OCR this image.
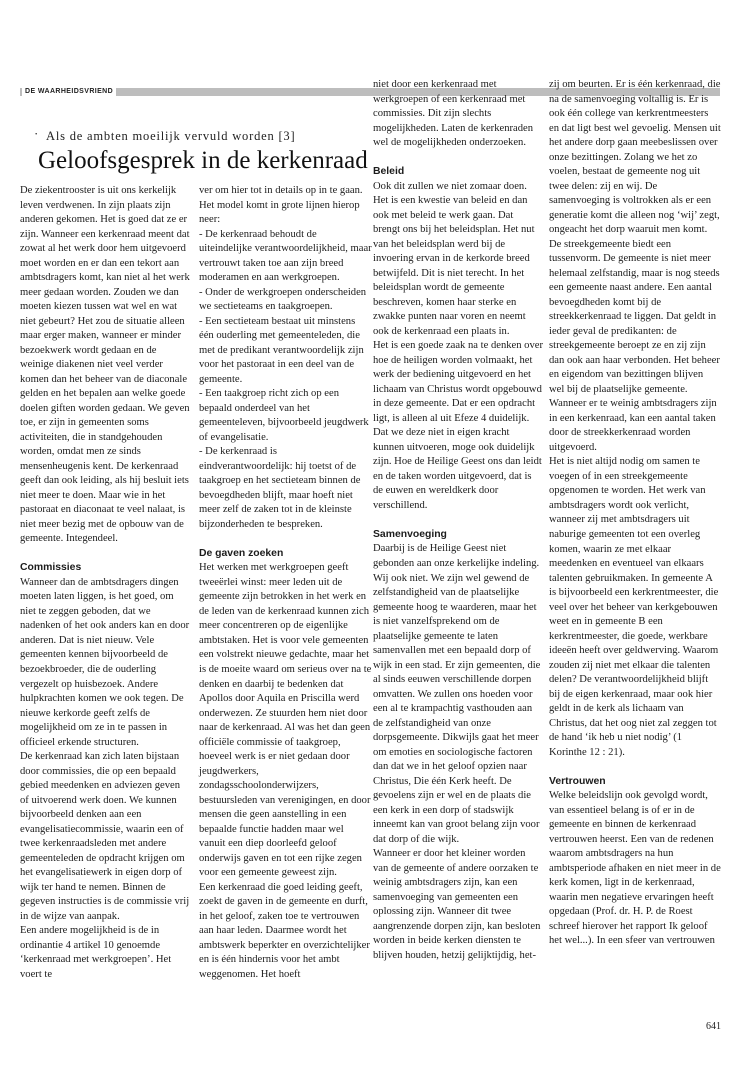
DE WAARHEIDSVRIEND
· Als de ambten moeilijk vervuld worden [3]
Geloofsgesprek in de kerkenraad

De ziekentrooster is uit ons kerkelijk leven verdwenen. In zijn plaats zijn anderen gekomen. Het is goed dat ze er zijn. Wanneer een kerkenraad meent dat zowat al het werk door hem uitgevoerd moet worden en er dan een tekort aan ambtsdragers komt, kan niet al het werk meer gedaan worden. Zouden we dan moeten kiezen tussen wat wel en wat niet gebeurt? Het zou de situatie alleen maar erger maken, wanneer er minder bezoekwerk wordt gedaan en de weinige diakenen niet veel verder komen dan het beheer van de diaconale gelden en het bepalen aan welke goede doelen giften worden gedaan. We geven toe, er zijn in gemeenten soms activiteiten, die in standgehouden worden, omdat men ze sinds mensenheugenis kent. De kerkenraad geeft dan ook leiding, als hij besluit iets niet meer te doen. Maar wie in het pastoraat en diaconaat te veel nalaat, is niet meer bezig met de opbouw van de gemeente. Integendeel.

Commissies

Wanneer dan de ambtsdragers dingen moeten laten liggen, is het goed, om niet te zeggen geboden, dat we nadenken of het ook anders kan en door anderen. Dat is niet nieuw. Vele gemeenten kennen bijvoorbeeld de bezoekbroeder, die de ouderling vergezelt op huisbezoek. Andere hulpkrachten komen we ook tegen. De nieuwe kerkorde geeft zelfs de mogelijkheid om ze in te passen in officieel erkende structuren.

De kerkenraad kan zich laten bijstaan door commissies, die op een bepaald gebied meedenken en adviezen geven of uitvoerend werk doen. We kunnen bijvoorbeeld denken aan een evangelisatiecommissie, waarin een of twee kerkenraadsleden met andere gemeenteleden de opdracht krijgen om het evangelisatiewerk in eigen dorp of wijk ter hand te nemen. Binnen de gegeven instructies is de commissie vrij in de wijze van aanpak.

Een andere mogelijkheid is de in ordinantie 4 artikel 10 genoemde ‘kerkenraad met werkgroepen’. Het voert te

ver om hier tot in details op in te gaan. Het model komt in grote lijnen hierop neer:

- De kerkenraad behoudt de uiteindelijke verantwoordelijkheid, maar vertrouwt taken toe aan zijn breed moderamen en aan werkgroepen.
- Onder de werkgroepen onderscheiden we sectieteams en taakgroepen.
- Een sectieteam bestaat uit minstens één ouderling met gemeenteleden, die met de predikant verantwoordelijk zijn voor het pastoraat in een deel van de gemeente.
- Een taakgroep richt zich op een bepaald onderdeel van het gemeenteleven, bijvoorbeeld jeugdwerk of evangelisatie.
- De kerkenraad is eindverantwoordelijk: hij toetst of de taakgroep en het sectieteam binnen de bevoegdheden blijft, maar hoeft niet meer zelf de zaken tot in de kleinste bijzonderheden te bespreken.
De gaven zoeken

Het werken met werkgroepen geeft tweeërlei winst: meer leden uit de gemeente zijn betrokken in het werk en de leden van de kerkenraad kunnen zich meer concentreren op de eigenlijke ambtstaken. Het is voor vele gemeenten een volstrekt nieuwe gedachte, maar het is de moeite waard om serieus over na te denken en daarbij te bedenken dat Apollos door Aquila en Priscilla werd onderwezen. Ze stuurden hem niet door naar de kerkenraad. Al was het dan geen officiële commissie of taakgroep, hoeveel werk is er niet gedaan door jeugdwerkers, zondagsschoolonderwijzers, bestuursleden van verenigingen, en door mensen die geen aanstelling in een bepaalde functie hadden maar wel vanuit een diep doorleefd geloof onderwijs gaven en tot een rijke zegen voor een gemeente geweest zijn.

Een kerkenraad die goed leiding geeft, zoekt de gaven in de gemeente en durft, in het geloof, zaken toe te vertrouwen aan haar leden. Daarmee wordt het ambtswerk beperkter en overzichtelijker en is één hindernis voor het ambt weggenomen. Het hoeft

niet door een kerkenraad met werkgroepen of een kerkenraad met commissies. Dit zijn slechts mogelijkheden. Laten de kerkenraden wel de mogelijkheden onderzoeken.

Beleid

Ook dit zullen we niet zomaar doen. Het is een kwestie van beleid en dan ook met beleid te werk gaan. Dat brengt ons bij het beleidsplan. Het nut van het beleidsplan werd bij de invoering ervan in de kerkorde breed betwijfeld. Dit is niet terecht. In het beleidsplan wordt de gemeente beschreven, komen haar sterke en zwakke punten naar voren en neemt ook de kerkenraad een plaats in.

Het is een goede zaak na te denken over hoe de heiligen worden volmaakt, het werk der bediening uitgevoerd en het lichaam van Christus wordt opgebouwd in deze gemeente. Dat er een opdracht ligt, is alleen al uit Efeze 4 duidelijk. Dat we deze niet in eigen kracht kunnen uitvoeren, moge ook duidelijk zijn. Hoe de Heilige Geest ons dan leidt en de taken worden uitgevoerd, dat is de euwen en wereldkerk door verschillend.

Samenvoeging

Daarbij is de Heilige Geest niet gebonden aan onze kerkelijke indeling. Wij ook niet. We zijn wel gewend de zelfstandigheid van de plaatselijke gemeente hoog te waarderen, maar het is niet vanzelfsprekend om de plaatselijke gemeente te laten samenvallen met een bepaald dorp of wijk in een stad. Er zijn gemeenten, die al sinds eeuwen verschillende dorpen omvatten. We zullen ons hoeden voor een al te krampachtig vasthouden aan de zelfstandigheid van onze dorpsgemeente. Dikwijls gaat het meer om emoties en sociologische factoren dan dat we in het geloof opzien naar Christus, Die één Kerk heeft. De gevoelens zijn er wel en de plaats die een kerk in een dorp of stadswijk inneemt kan van groot belang zijn voor dat dorp of die wijk.

Wanneer er door het kleiner worden van de gemeente of andere oorzaken te weinig ambtsdragers zijn, kan een samenvoeging van gemeenten een oplossing zijn. Wanneer dit twee aangrenzende dorpen zijn, kan besloten worden in beide kerken diensten te blijven houden, hetzij gelijktijdig, het-

zij om beurten. Er is één kerkenraad, die na de samenvoeging voltallig is. Er is ook één college van kerkrentmeesters en dat ligt best wel gevoelig. Mensen uit het andere dorp gaan meebeslissen over onze bezittingen. Zolang we het zo voelen, bestaat de gemeente nog uit twee delen: zij en wij. De samenvoeging is voltrokken als er een generatie komt die alleen nog ‘wij’ zegt, ongeacht het dorp waaruit men komt.

De streekgemeente biedt een tussenvorm. De gemeente is niet meer helemaal zelfstandig, maar is nog steeds een gemeente naast andere. Een aantal bevoegdheden komt bij de streekkerkenraad te liggen. Dat geldt in ieder geval de predikanten: de streekgemeente beroept ze en zij zijn dan ook aan haar verbonden. Het beheer en eigendom van bezittingen blijven wel bij de plaatselijke gemeente. Wanneer er te weinig ambtsdragers zijn in een kerkenraad, kan een aantal taken door de streekkerkenraad worden uitgevoerd.

Het is niet altijd nodig om samen te voegen of in een streekgemeente opgenomen te worden. Het werk van ambtsdragers wordt ook verlicht, wanneer zij met ambtsdragers uit naburige gemeenten tot een overleg komen, waarin ze met elkaar meedenken en eventueel van elkaars talenten gebruikmaken. In gemeente A is bijvoorbeeld een kerkrentmeester, die veel over het beheer van kerkgebouwen weet en in gemeente B een kerkrentmeester, die goede, werkbare ideeën heeft over geldwerving. Waarom zouden zij niet met elkaar die talenten delen? De verantwoordelijkheid blijft bij de eigen kerkenraad, maar ook hier geldt in de kerk als lichaam van Christus, dat het oog niet zal zeggen tot de hand ‘ik heb u niet nodig’ (1 Korinthe 12 : 21).

Vertrouwen

Welke beleidslijn ook gevolgd wordt, van essentieel belang is of er in de gemeente en binnen de kerkenraad vertrouwen heerst. Een van de redenen waarom ambtsdragers na hun ambtsperiode afhaken en niet meer in de kerk komen, ligt in de kerkenraad, waarin men negatieve ervaringen heeft opgedaan (Prof. dr. H. P. de Roest schreef hierover het rapport Ik geloof het wel...). In een sfeer van vertrouwen

641
